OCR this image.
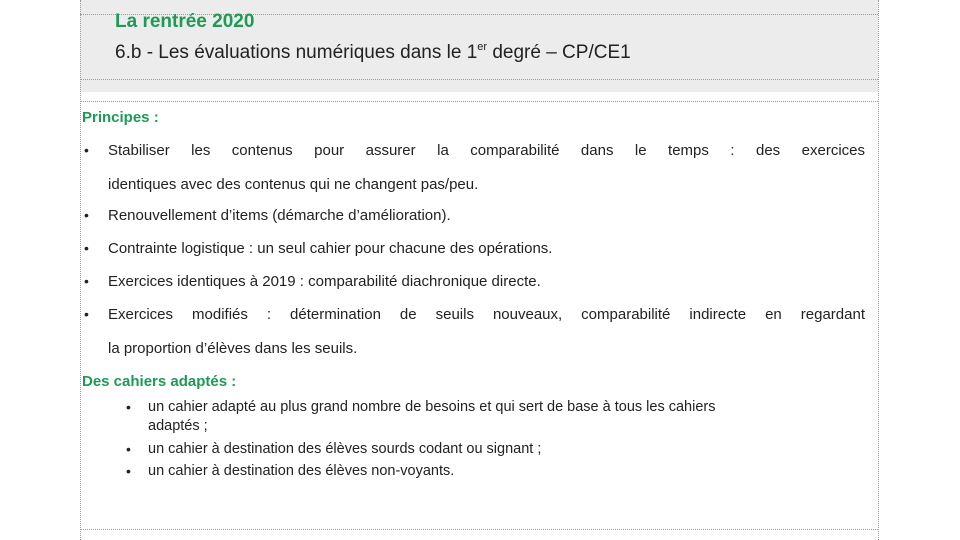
La rentrée 2020
6.b - Les évaluations numériques dans le 1er degré – CP/CE1
Principes :
• Stabiliser les contenus pour assurer la comparabilité dans le temps : des exercices
identiques avec des contenus qui ne changent pas/peu.
• Renouvellement d’items (démarche d’amélioration).
• Contrainte logistique : un seul cahier pour chacune des opérations.
• Exercices identiques à 2019 : comparabilité diachronique directe.
• Exercices modifiés : détermination de seuils nouveaux, comparabilité indirecte en regardant
la proportion d’élèves dans les seuils.
Des cahiers adaptés :
• un cahier adapté au plus grand nombre de besoins et qui sert de base à tous les cahiers
adaptés ;
• un cahier à destination des élèves sourds codant ou signant ;
• un cahier à destination des élèves non-voyants.
